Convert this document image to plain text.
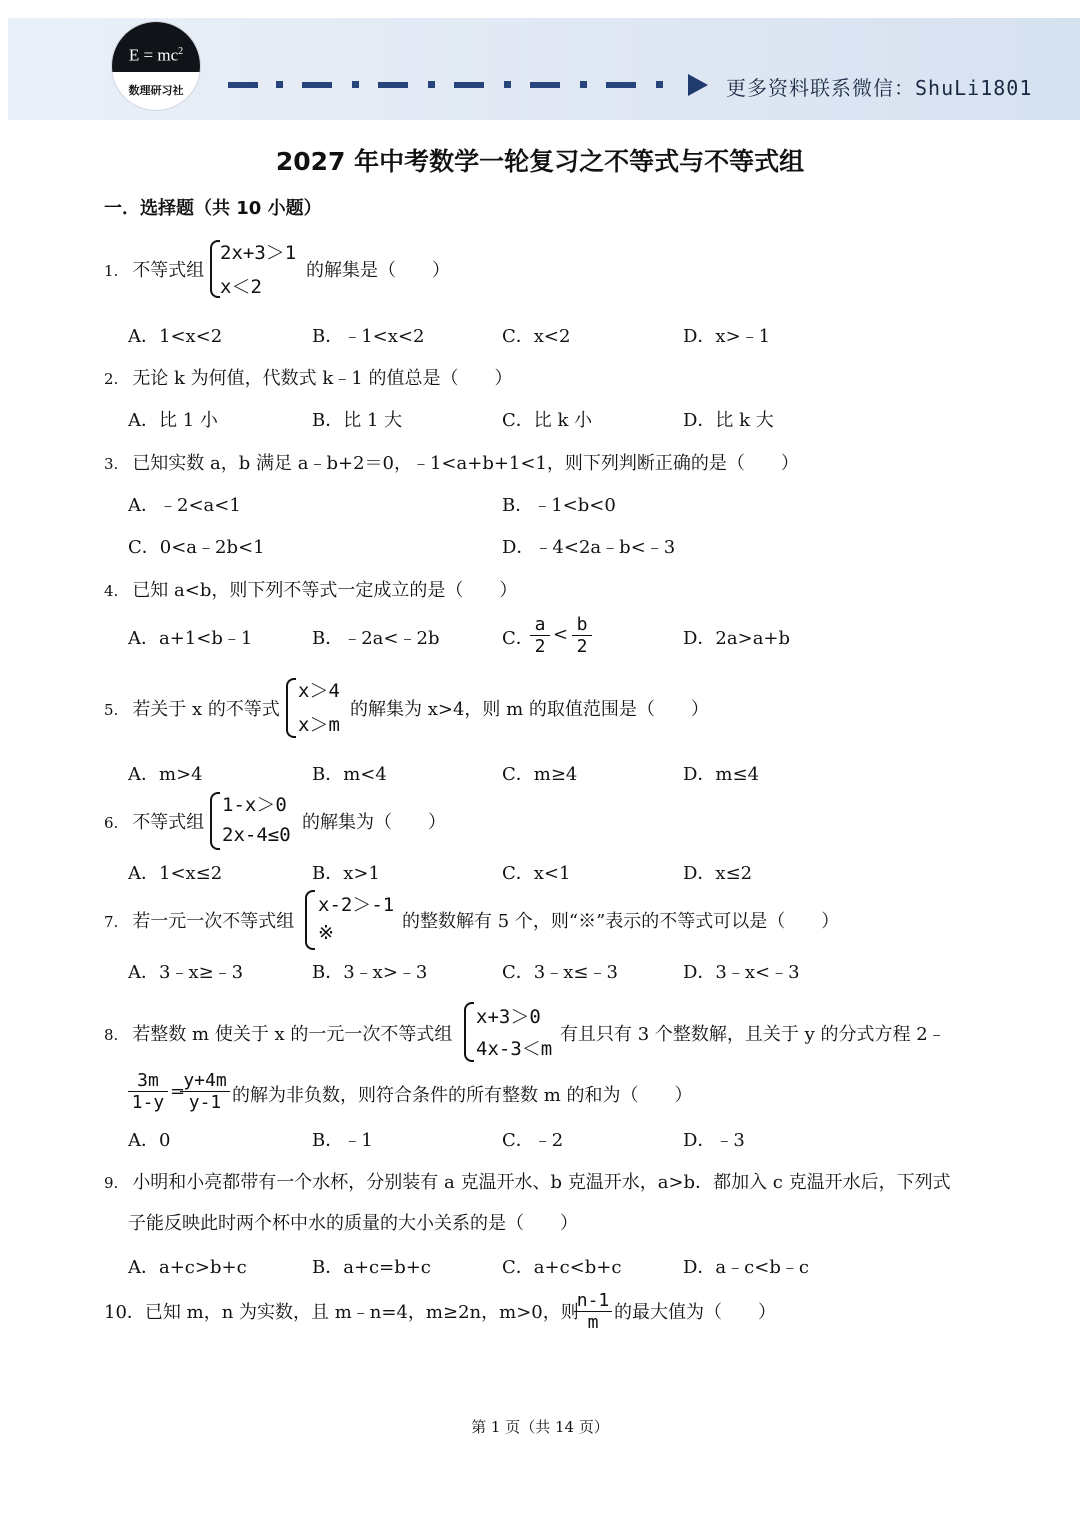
$E = mc^2$
数理研习社	更多资料联系微信：ShuLi1801
2027 年中考数学一轮复习之不等式与不等式组
一．选择题（共 10 小题）
1. 不等式组
2x+3＞1
x＜2
的解集是（　　）
A．1<x<2	B．﹣1<x<2	C．x<2	D．x>﹣1
2. 无论 k 为何值，代数式 k﹣1 的值总是（　　）
A．比 1 小	B．比 1 大	C．比 k 小	D．比 k 大
3. 已知实数 a，b 满足 a﹣b+2＝0，﹣1<a+b+1<1，则下列判断正确的是（　　）
A．﹣2<a<1	B．﹣1<b<0
C．0<a﹣2b<1	D．﹣4<2a﹣b<﹣3
4. 已知 a<b，则下列不等式一定成立的是（　　）
A．a+1<b﹣1	B．﹣2a<﹣2b	C．
$\frac{a}{2} < \frac{b}{2}$	D．2a>a+b
5. 若关于 x 的不等式
x＞4
x＞m
的解集为 x>4，则 m 的取值范围是（　　）
A．m>4	B．m<4	C．m≥4	D．m≤4
6. 不等式组
1-x＞0
2x-4≤0
的解集为（　　）
A．1<x≤2	B．x>1	C．x<1	D．x≤2
7. 若一元一次不等式组
x-2＞-1
※
的整数解有 5 个，则“※”表示的不等式可以是（　　）
A．3﹣x≥﹣3	B．3﹣x>﹣3	C．3﹣x≤﹣3	D．3﹣x<﹣3
8. 若整数 m 使关于 x 的一元一次不等式组
x+3＞0
4x-3＜m
有且只有 3 个整数解，且关于 y 的分式方程 2﹣
$\frac{3m}{1-y}$ =
$\frac{y+4m}{y-1}$ 的解为非负数，则符合条件的所有整数 m 的和为（　　）
A．0	B．﹣1	C．﹣2	D．﹣3
9. 小明和小亮都带有一个水杯，分别装有 a 克温开水、b 克温开水，a>b．都加入 c 克温开水后，下列式
子能反映此时两个杯中水的质量的大小关系的是（　　）
A．a+c>b+c	B．a+c=b+c	C．a+c<b+c	D．a﹣c<b﹣c
10．已知 m，n 为实数，且 m﹣n=4，m≥2n，m>0，则
$\frac{n-1}{m}$ 的最大值为（　　）
第 1 页（共 14 页）
